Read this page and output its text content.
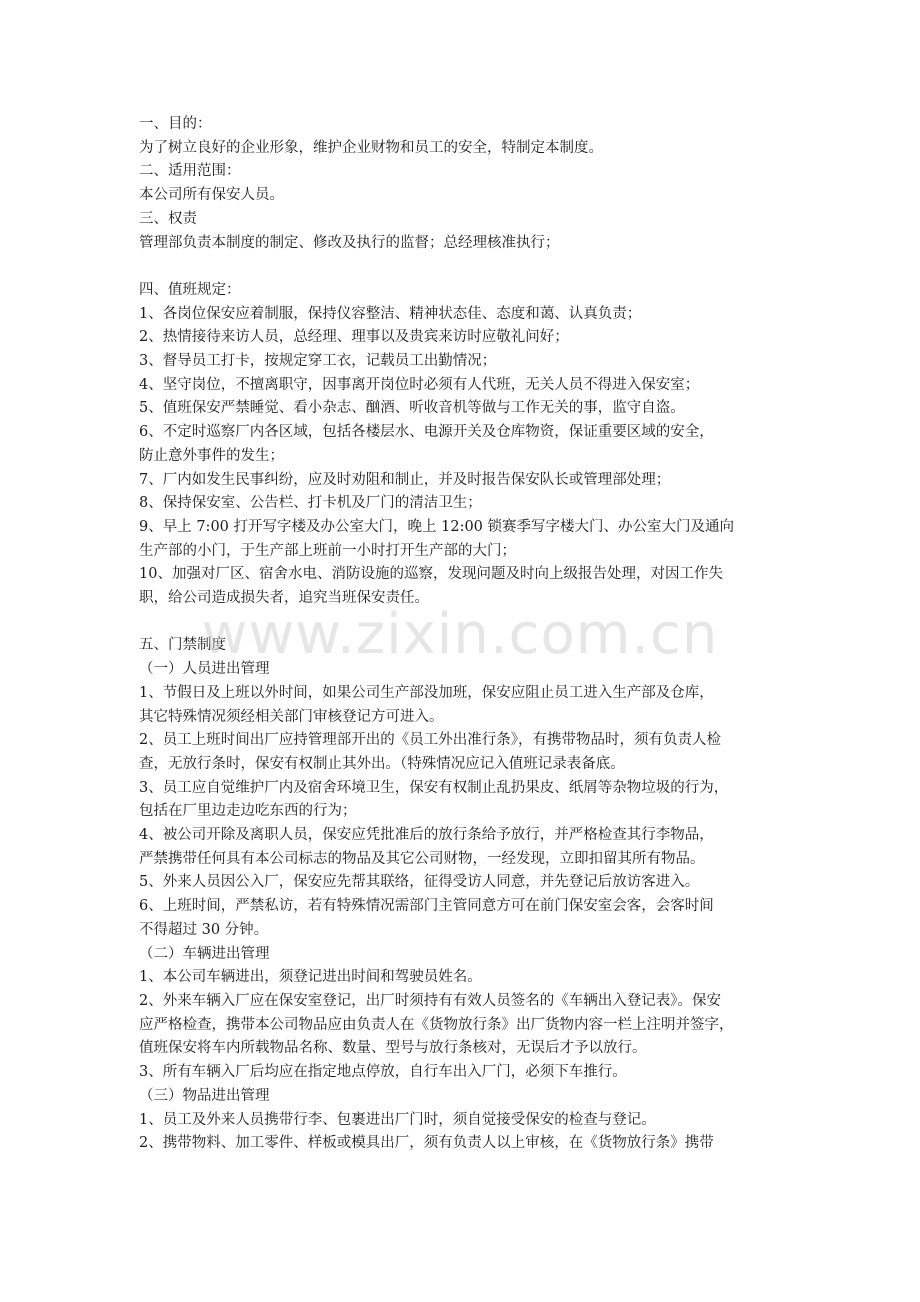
一、目的：
为了树立良好的企业形象，维护企业财物和员工的安全，特制定本制度。
二、适用范围：
本公司所有保安人员。
三、权责
管理部负责本制度的制定、修改及执行的监督；总经理核准执行；
四、值班规定：
1、各岗位保安应着制服，保持仪容整洁、精神状态佳、态度和蔼、认真负责；
2、热情接待来访人员，总经理、理事以及贵宾来访时应敬礼问好；
3、督导员工打卡，按规定穿工衣，记载员工出勤情况；
4、坚守岗位，不擅离职守，因事离开岗位时必须有人代班，无关人员不得进入保安室；
5、值班保安严禁睡觉、看小杂志、酗酒、听收音机等做与工作无关的事，监守自盗。
6、不定时巡察厂内各区域，包括各楼层水、电源开关及仓库物资，保证重要区域的安全，
防止意外事件的发生；
7、厂内如发生民事纠纷，应及时劝阻和制止，并及时报告保安队长或管理部处理；
8、保持保安室、公告栏、打卡机及厂门的清洁卫生；
9、早上 7:00 打开写字楼及办公室大门，晚上 12:00 锁赛季写字楼大门、办公室大门及通向
生产部的小门，于生产部上班前一小时打开生产部的大门；
10、加强对厂区、宿舍水电、消防设施的巡察，发现问题及时向上级报告处理，对因工作失
职，给公司造成损失者，追究当班保安责任。
五、门禁制度
（一）人员进出管理
1、节假日及上班以外时间，如果公司生产部没加班，保安应阻止员工进入生产部及仓库，
其它特殊情况须经相关部门审核登记方可进入。
2、员工上班时间出厂应持管理部开出的《员工外出准行条》，有携带物品时，须有负责人检
查，无放行条时，保安有权制止其外出。（特殊情况应记入值班记录表备底。
3、员工应自觉维护厂内及宿舍环境卫生，保安有权制止乱扔果皮、纸屑等杂物垃圾的行为，
包括在厂里边走边吃东西的行为；
4、被公司开除及离职人员，保安应凭批准后的放行条给予放行，并严格检查其行李物品，
严禁携带任何具有本公司标志的物品及其它公司财物，一经发现，立即扣留其所有物品。
5、外来人员因公入厂，保安应先帮其联络，征得受访人同意，并先登记后放访客进入。
6、上班时间，严禁私访，若有特殊情况需部门主管同意方可在前门保安室会客，会客时间
不得超过 30 分钟。
（二）车辆进出管理
1、本公司车辆进出，须登记进出时间和驾驶员姓名。
2、外来车辆入厂应在保安室登记，出厂时须持有有效人员签名的《车辆出入登记表》。保安
应严格检查，携带本公司物品应由负责人在《货物放行条》出厂货物内容一栏上注明并签字，
值班保安将车内所载物品名称、数量、型号与放行条核对，无误后才予以放行。
3、所有车辆入厂后均应在指定地点停放，自行车出入厂门，必须下车推行。
（三）物品进出管理
1、员工及外来人员携带行李、包裹进出厂门时，须自觉接受保安的检查与登记。
2、携带物料、加工零件、样板或模具出厂，须有负责人以上审核，在《货物放行条》携带
www.zixin.com.cn
